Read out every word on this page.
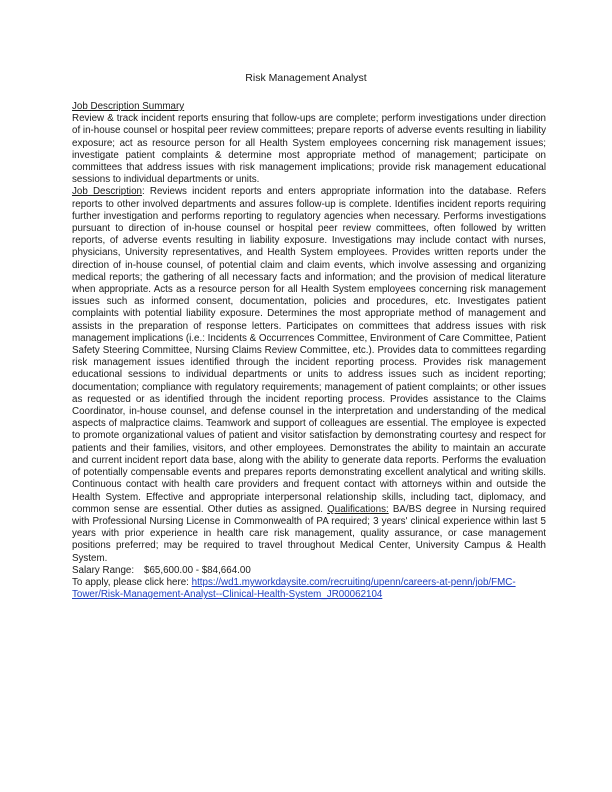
Risk Management Analyst

Job Description Summary
Review & track incident reports ensuring that follow-ups are complete; perform investigations under direction of in-house counsel or hospital peer review committees; prepare reports of adverse events resulting in liability exposure; act as resource person for all Health System employees concerning risk management issues; investigate patient complaints & determine most appropriate method of management; participate on committees that address issues with risk management implications; provide risk management educational sessions to individual departments or units.

Job Description: Reviews incident reports and enters appropriate information into the database. Refers reports to other involved departments and assures follow-up is complete. Identifies incident reports requiring further investigation and performs reporting to regulatory agencies when necessary. Performs investigations pursuant to direction of in-house counsel or hospital peer review committees, often followed by written reports, of adverse events resulting in liability exposure. Investigations may include contact with nurses, physicians, University representatives, and Health System employees. Provides written reports under the direction of in-house counsel, of potential claim and claim events, which involve assessing and organizing medical reports; the gathering of all necessary facts and information; and the provision of medical literature when appropriate. Acts as a resource person for all Health System employees concerning risk management issues such as informed consent, documentation, policies and procedures, etc. Investigates patient complaints with potential liability exposure. Determines the most appropriate method of management and assists in the preparation of response letters. Participates on committees that address issues with risk management implications (i.e.: Incidents & Occurrences Committee, Environment of Care Committee, Patient Safety Steering Committee, Nursing Claims Review Committee, etc.). Provides data to committees regarding risk management issues identified through the incident reporting process. Provides risk management educational sessions to individual departments or units to address issues such as incident reporting; documentation; compliance with regulatory requirements; management of patient complaints; or other issues as requested or as identified through the incident reporting process. Provides assistance to the Claims Coordinator, in-house counsel, and defense counsel in the interpretation and understanding of the medical aspects of malpractice claims. Teamwork and support of colleagues are essential. The employee is expected to promote organizational values of patient and visitor satisfaction by demonstrating courtesy and respect for patients and their families, visitors, and other employees. Demonstrates the ability to maintain an accurate and current incident report data base, along with the ability to generate data reports. Performs the evaluation of potentially compensable events and prepares reports demonstrating excellent analytical and writing skills. Continuous contact with health care providers and frequent contact with attorneys within and outside the Health System. Effective and appropriate interpersonal relationship skills, including tact, diplomacy, and common sense are essential. Other duties as assigned. Qualifications: BA/BS degree in Nursing required with Professional Nursing License in Commonwealth of PA required; 3 years' clinical experience within last 5 years with prior experience in health care risk management, quality assurance, or case management positions preferred; may be required to travel throughout Medical Center, University Campus & Health System.

Salary Range: $65,600.00 - $84,664.00

To apply, please click here: https://wd1.myworkdaysite.com/recruiting/upenn/careers-at-penn/job/FMC-Tower/Risk-Management-Analyst--Clinical-Health-System_JR00062104
